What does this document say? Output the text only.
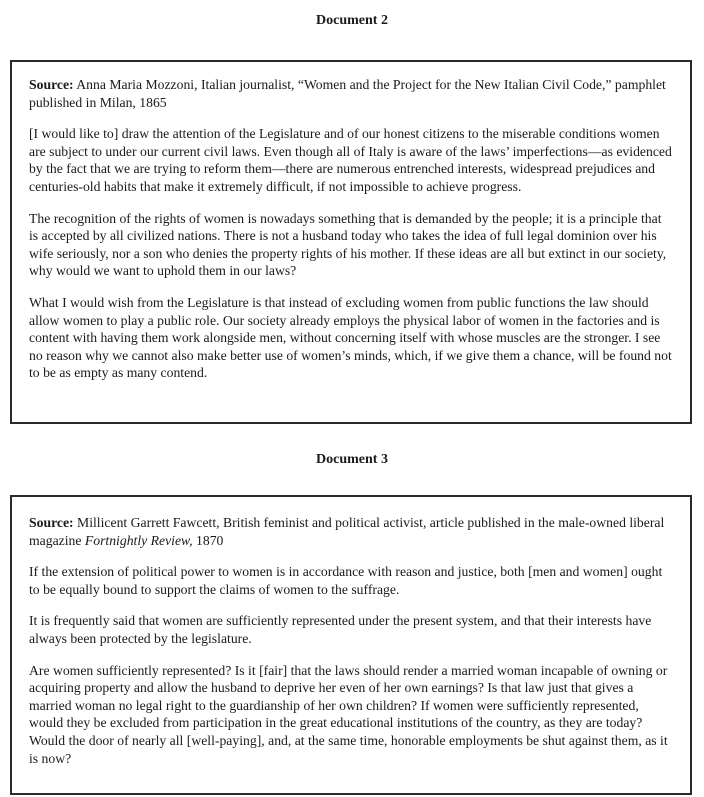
Document 2

Source: Anna Maria Mozzoni, Italian journalist, “Women and the Project for the New Italian Civil Code,” pamphlet published in Milan, 1865

[I would like to] draw the attention of the Legislature and of our honest citizens to the miserable conditions women are subject to under our current civil laws. Even though all of Italy is aware of the laws’ imperfections—as evidenced by the fact that we are trying to reform them—there are numerous entrenched interests, widespread prejudices and centuries-old habits that make it extremely difficult, if not impossible to achieve progress.

The recognition of the rights of women is nowadays something that is demanded by the people; it is a principle that is accepted by all civilized nations. There is not a husband today who takes the idea of full legal dominion over his wife seriously, nor a son who denies the property rights of his mother. If these ideas are all but extinct in our society, why would we want to uphold them in our laws?

What I would wish from the Legislature is that instead of excluding women from public functions the law should allow women to play a public role. Our society already employs the physical labor of women in the factories and is content with having them work alongside men, without concerning itself with whose muscles are the stronger. I see no reason why we cannot also make better use of women’s minds, which, if we give them a chance, will be found not to be as empty as many contend.

Document 3

Source: Millicent Garrett Fawcett, British feminist and political activist, article published in the male-owned liberal magazine Fortnightly Review, 1870

If the extension of political power to women is in accordance with reason and justice, both [men and women] ought to be equally bound to support the claims of women to the suffrage.

It is frequently said that women are sufficiently represented under the present system, and that their interests have always been protected by the legislature.

Are women sufficiently represented? Is it [fair] that the laws should render a married woman incapable of owning or acquiring property and allow the husband to deprive her even of her own earnings? Is that law just that gives a married woman no legal right to the guardianship of her own children? If women were sufficiently represented, would they be excluded from participation in the great educational institutions of the country, as they are today? Would the door of nearly all [well-paying], and, at the same time, honorable employments be shut against them, as it is now?
